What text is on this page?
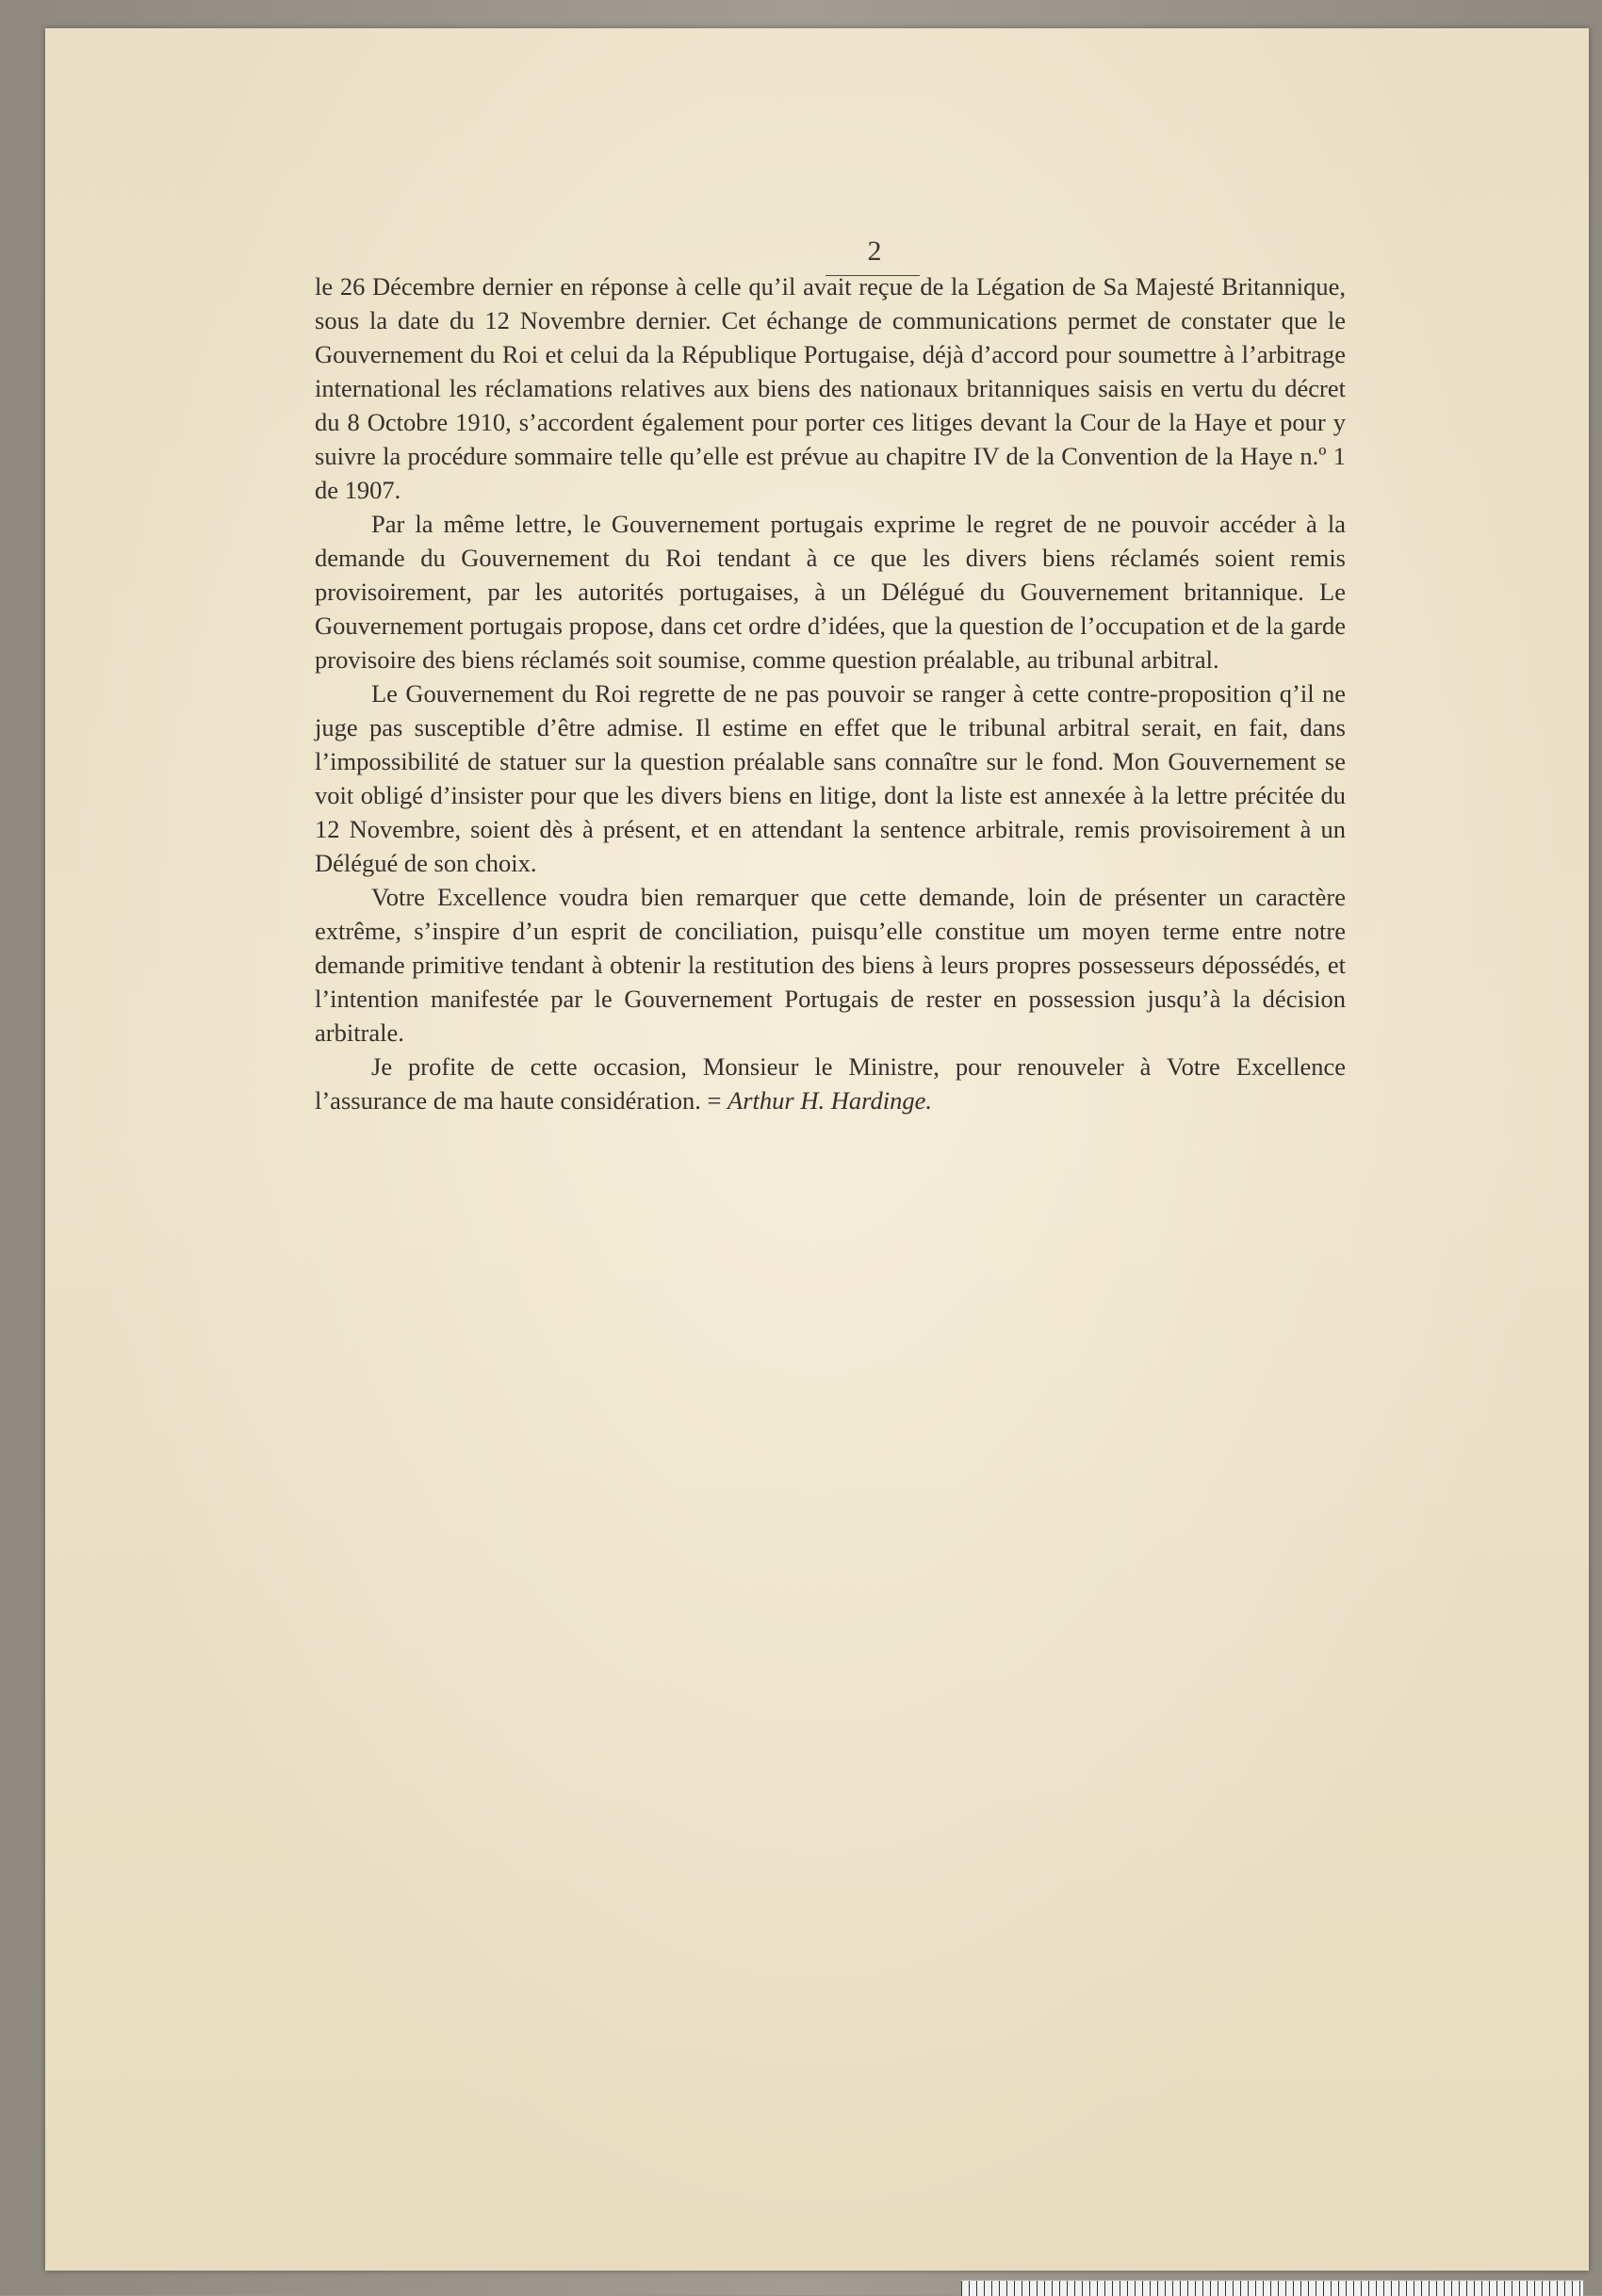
2

le 26 Décembre dernier en réponse à celle qu’il avait reçue de la Légation de Sa Majesté Britannique, sous la date du 12 Novembre dernier. Cet échange de communications permet de constater que le Gouvernement du Roi et celui da la République Portugaise, déjà d’accord pour soumettre à l’arbitrage international les réclamations relatives aux biens des nationaux britanniques saisis en vertu du décret du 8 Octobre 1910, s’accordent également pour porter ces litiges devant la Cour de la Haye et pour y suivre la procédure sommaire telle qu’elle est prévue au chapitre IV de la Convention de la Haye n.º 1 de 1907.

Par la même lettre, le Gouvernement portugais exprime le regret de ne pouvoir accéder à la demande du Gouvernement du Roi tendant à ce que les divers biens réclamés soient remis provisoirement, par les autorités portugaises, à un Délégué du Gouvernement britannique. Le Gouvernement portugais propose, dans cet ordre d’idées, que la question de l’occupation et de la garde provisoire des biens réclamés soit soumise, comme question préalable, au tribunal arbitral.

Le Gouvernement du Roi regrette de ne pas pouvoir se ranger à cette contre-proposition q’il ne juge pas susceptible d’être admise. Il estime en effet que le tribunal arbitral serait, en fait, dans l’impossibilité de statuer sur la question préalable sans connaître sur le fond. Mon Gouvernement se voit obligé d’insister pour que les divers biens en litige, dont la liste est annexée à la lettre précitée du 12 Novembre, soient dès à présent, et en attendant la sentence arbitrale, remis provisoirement à un Délégué de son choix.

Votre Excellence voudra bien remarquer que cette demande, loin de présenter un caractère extrême, s’inspire d’un esprit de conciliation, puisqu’elle constitue um moyen terme entre notre demande primitive tendant à obtenir la restitution des biens à leurs propres possesseurs dépossédés, et l’intention manifestée par le Gouvernement Portugais de rester en possession jusqu’à la décision arbitrale.

Je profite de cette occasion, Monsieur le Ministre, pour renouveler à Votre Excellence l’assurance de ma haute considération. = Arthur H. Hardinge.
